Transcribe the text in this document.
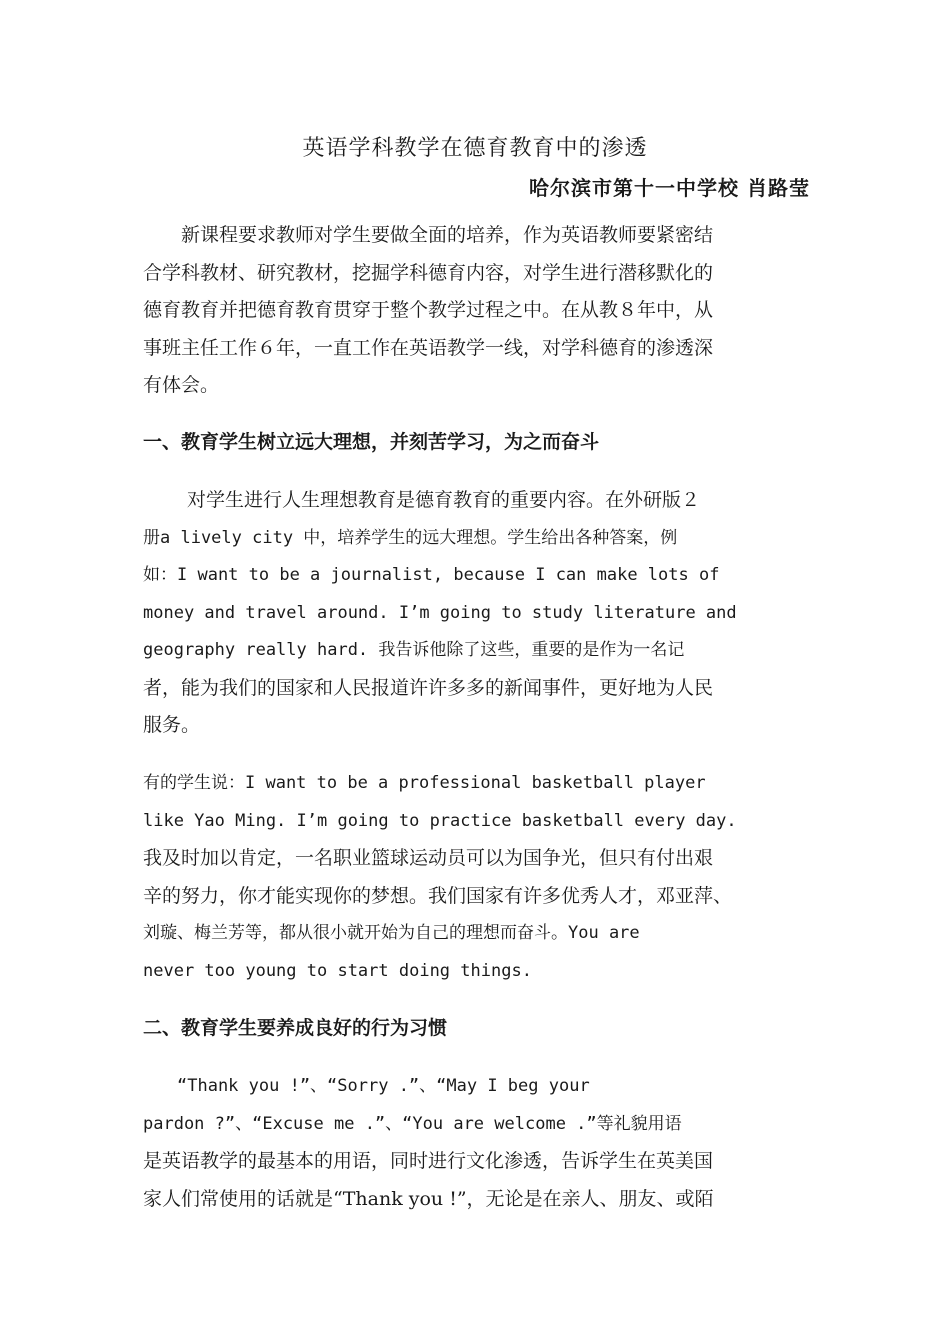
英语学科教学在德育教育中的渗透
哈尔滨市第十一中学校 肖路莹
　　新课程要求教师对学生要做全面的培养，作为英语教师要紧密结
合学科教材、研究教材，挖掘学科德育内容，对学生进行潜移默化的
德育教育并把德育教育贯穿于整个教学过程之中。在从教８年中，从
事班主任工作６年，一直工作在英语教学一线，对学科德育的渗透深
有体会。
一、教育学生树立远大理想，并刻苦学习，为之而奋斗
　　 对学生进行人生理想教育是德育教育的重要内容。在外研版２
册a lively city 中，培养学生的远大理想。学生给出各种答案，例
如：I want to be a journalist, because I can make lots of
money and travel around. I’m going to study literature and
geography really hard. 我告诉他除了这些，重要的是作为一名记
者，能为我们的国家和人民报道许许多多的新闻事件，更好地为人民
服务。
有的学生说：I want to be a professional basketball player
like Yao Ming. I’m going to practice basketball every day.
我及时加以肯定，一名职业篮球运动员可以为国争光，但只有付出艰
辛的努力，你才能实现你的梦想。我们国家有许多优秀人才，邓亚萍、
刘璇、梅兰芳等，都从很小就开始为自己的理想而奋斗。You are
never too young to start doing things.
二、教育学生要养成良好的行为习惯
　　“Thank you !”、“Sorry .”、“May I beg your
pardon ?”、“Excuse me .”、“You are welcome .”等礼貌用语
是英语教学的最基本的用语，同时进行文化渗透，告诉学生在英美国
家人们常使用的话就是“Thank you !”，无论是在亲人、朋友、或陌
